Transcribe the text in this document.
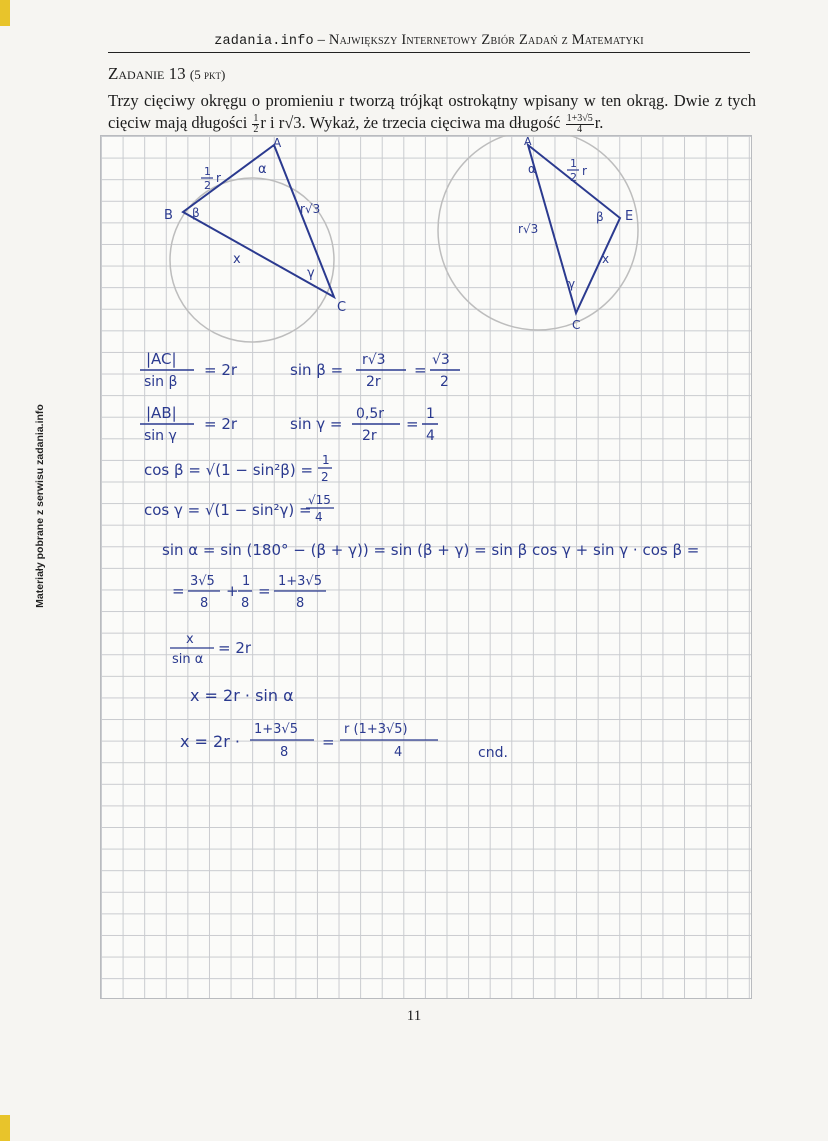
zadania.info – Największy Internetowy Zbiór Zadań z Matematyki
Zadanie 13 (5 pkt)
Trzy cięciwy okręgu o promieniu r tworzą trójkąt ostrokątny wpisany w ten okrąg. Dwie z tych cięciw mają długości $\frac{1}{2}$ r i r√3. Wykaż, że trzecia cięciwa ma długość $\frac{1+3√5}{4} r$.
Materiały pobrane z serwisu zadania.info
A
B
C
α
β
γ
1
2
r
r√3
x
A
E
C
α
β
γ
1
2 r
r√3
x
|AC|
sin β
= 2r	sin β =
r√3
2r
=
√3
2
|AB|
sin γ
= 2r	sin γ =
0,5r
2r
=
1
4
cos β = √(1 − sin²β) =
1
2
cos γ = √(1 − sin²γ) =
√15
4
sin α = sin (180° − (β + γ)) = sin (β + γ) = sin β cos γ + sin γ · cos β =
=
3√5
8
+
1
8
=
1+3√5
8
x
sin α
= 2r
x = 2r · sin α
x = 2r ·
1+3√5
8
=
r (1+3√5)
4	cnd.
11
